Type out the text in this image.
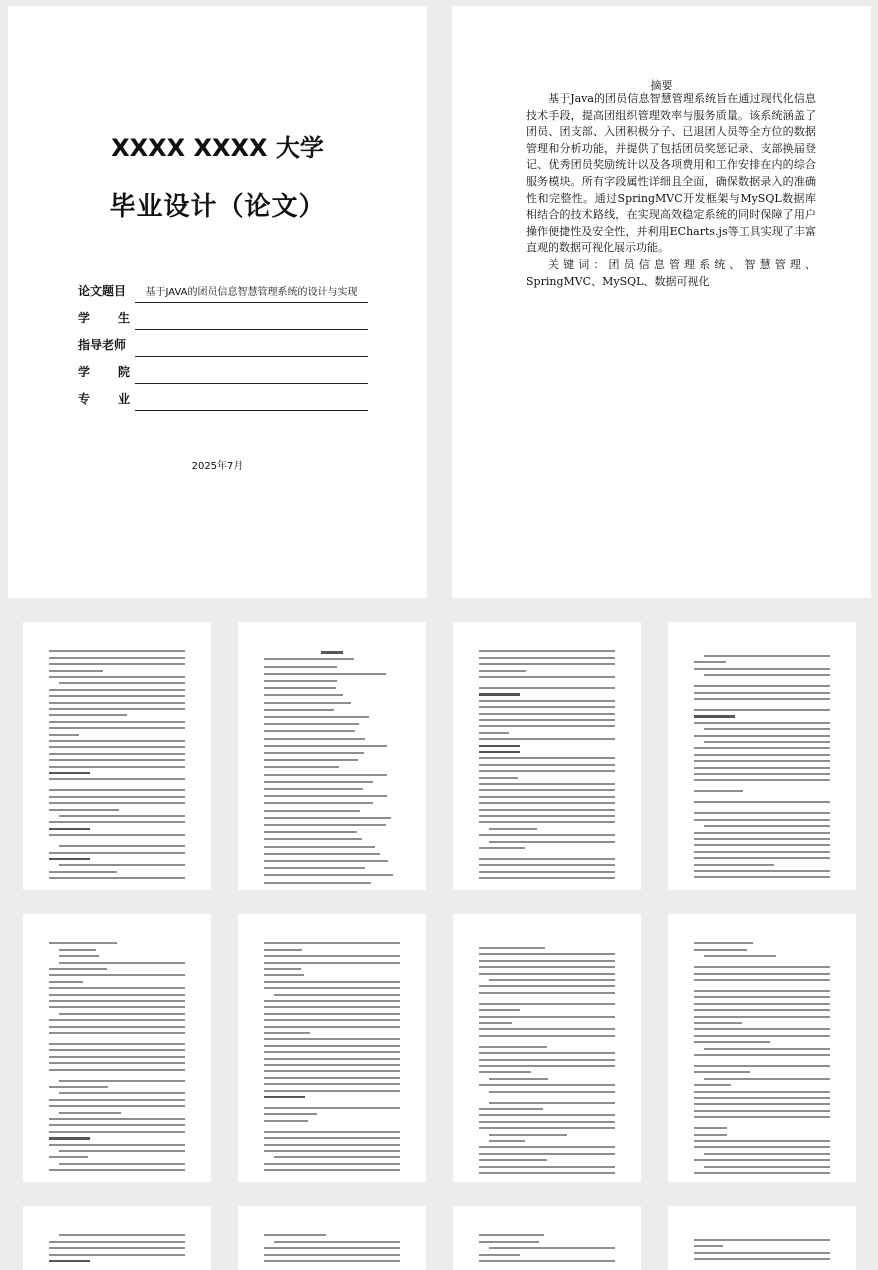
XXXX XXXX 大学
毕业设计（论文）
论文题目	基于JAVA的团员信息智慧管理系统的设计与实现
学 生
指导老师
学 院
专 业
2025年7月
摘要

基于Java的团员信息智慧管理系统旨在通过现代化信息技术手段，提高团组织管理效率与服务质量。该系统涵盖了团员、团支部、入团积极分子、已退团人员等全方位的数据管理和分析功能，并提供了包括团员奖惩记录、支部换届登记、优秀团员奖励统计以及各项费用和工作安排在内的综合服务模块。所有字段属性详细且全面，确保数据录入的准确性和完整性。通过SpringMVC开发框架与MySQL数据库相结合的技术路线，在实现高效稳定系统的同时保障了用户操作便捷性及安全性，并利用ECharts.js等工具实现了丰富直观的数据可视化展示功能。

关键词：团员信息管理系统、智慧管理、SpringMVC、MySQL、数据可视化
